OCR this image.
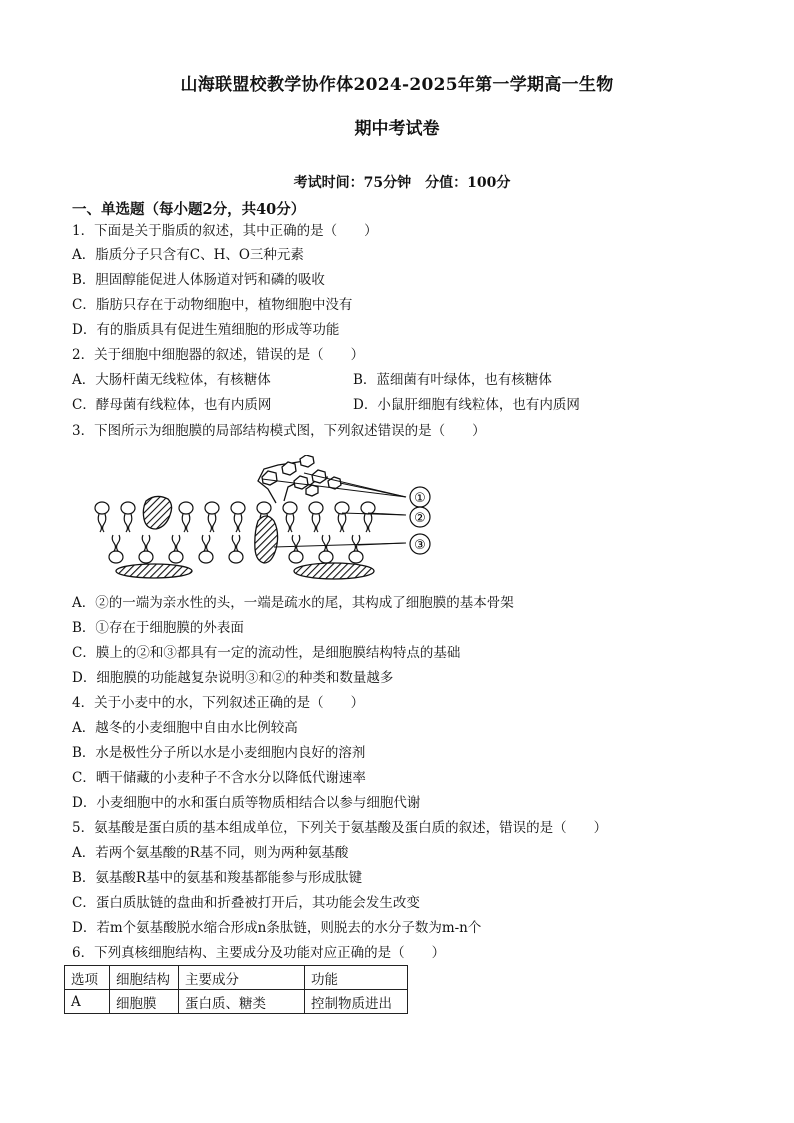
山海联盟校教学协作体2024-2025年第一学期高一生物
期中考试卷
考试时间：75分钟　分值：100分
一、单选题（每小题2分，共40分）
1．下面是关于脂质的叙述，其中正确的是（　　）
A．脂质分子只含有C、H、O三种元素
B．胆固醇能促进人体肠道对钙和磷的吸收
C．脂肪只存在于动物细胞中，植物细胞中没有
D．有的脂质具有促进生殖细胞的形成等功能
2．关于细胞中细胞器的叙述，错误的是（　　）
A．大肠杆菌无线粒体，有核糖体	B．蓝细菌有叶绿体，也有核糖体
C．酵母菌有线粒体，也有内质网	D．小鼠肝细胞有线粒体，也有内质网
3．下图所示为细胞膜的局部结构模式图，下列叙述错误的是（　　）
①
②
③
A．②的一端为亲水性的头，一端是疏水的尾，其构成了细胞膜的基本骨架
B．①存在于细胞膜的外表面
C．膜上的②和③都具有一定的流动性，是细胞膜结构特点的基础
D．细胞膜的功能越复杂说明③和②的种类和数量越多
4．关于小麦中的水，下列叙述正确的是（　　）
A．越冬的小麦细胞中自由水比例较高
B．水是极性分子所以水是小麦细胞内良好的溶剂
C．晒干储藏的小麦种子不含水分以降低代谢速率
D．小麦细胞中的水和蛋白质等物质相结合以参与细胞代谢
5．氨基酸是蛋白质的基本组成单位，下列关于氨基酸及蛋白质的叙述，错误的是（　　）
A．若两个氨基酸的R基不同，则为两种氨基酸
B．氨基酸R基中的氨基和羧基都能参与形成肽键
C．蛋白质肽链的盘曲和折叠被打开后，其功能会发生改变
D．若m个氨基酸脱水缩合形成n条肽链，则脱去的水分子数为m-n个
6．下列真核细胞结构、主要成分及功能对应正确的是（　　）
选项	细胞结构	主要成分	功能
A	细胞膜	蛋白质、糖类	控制物质进出
